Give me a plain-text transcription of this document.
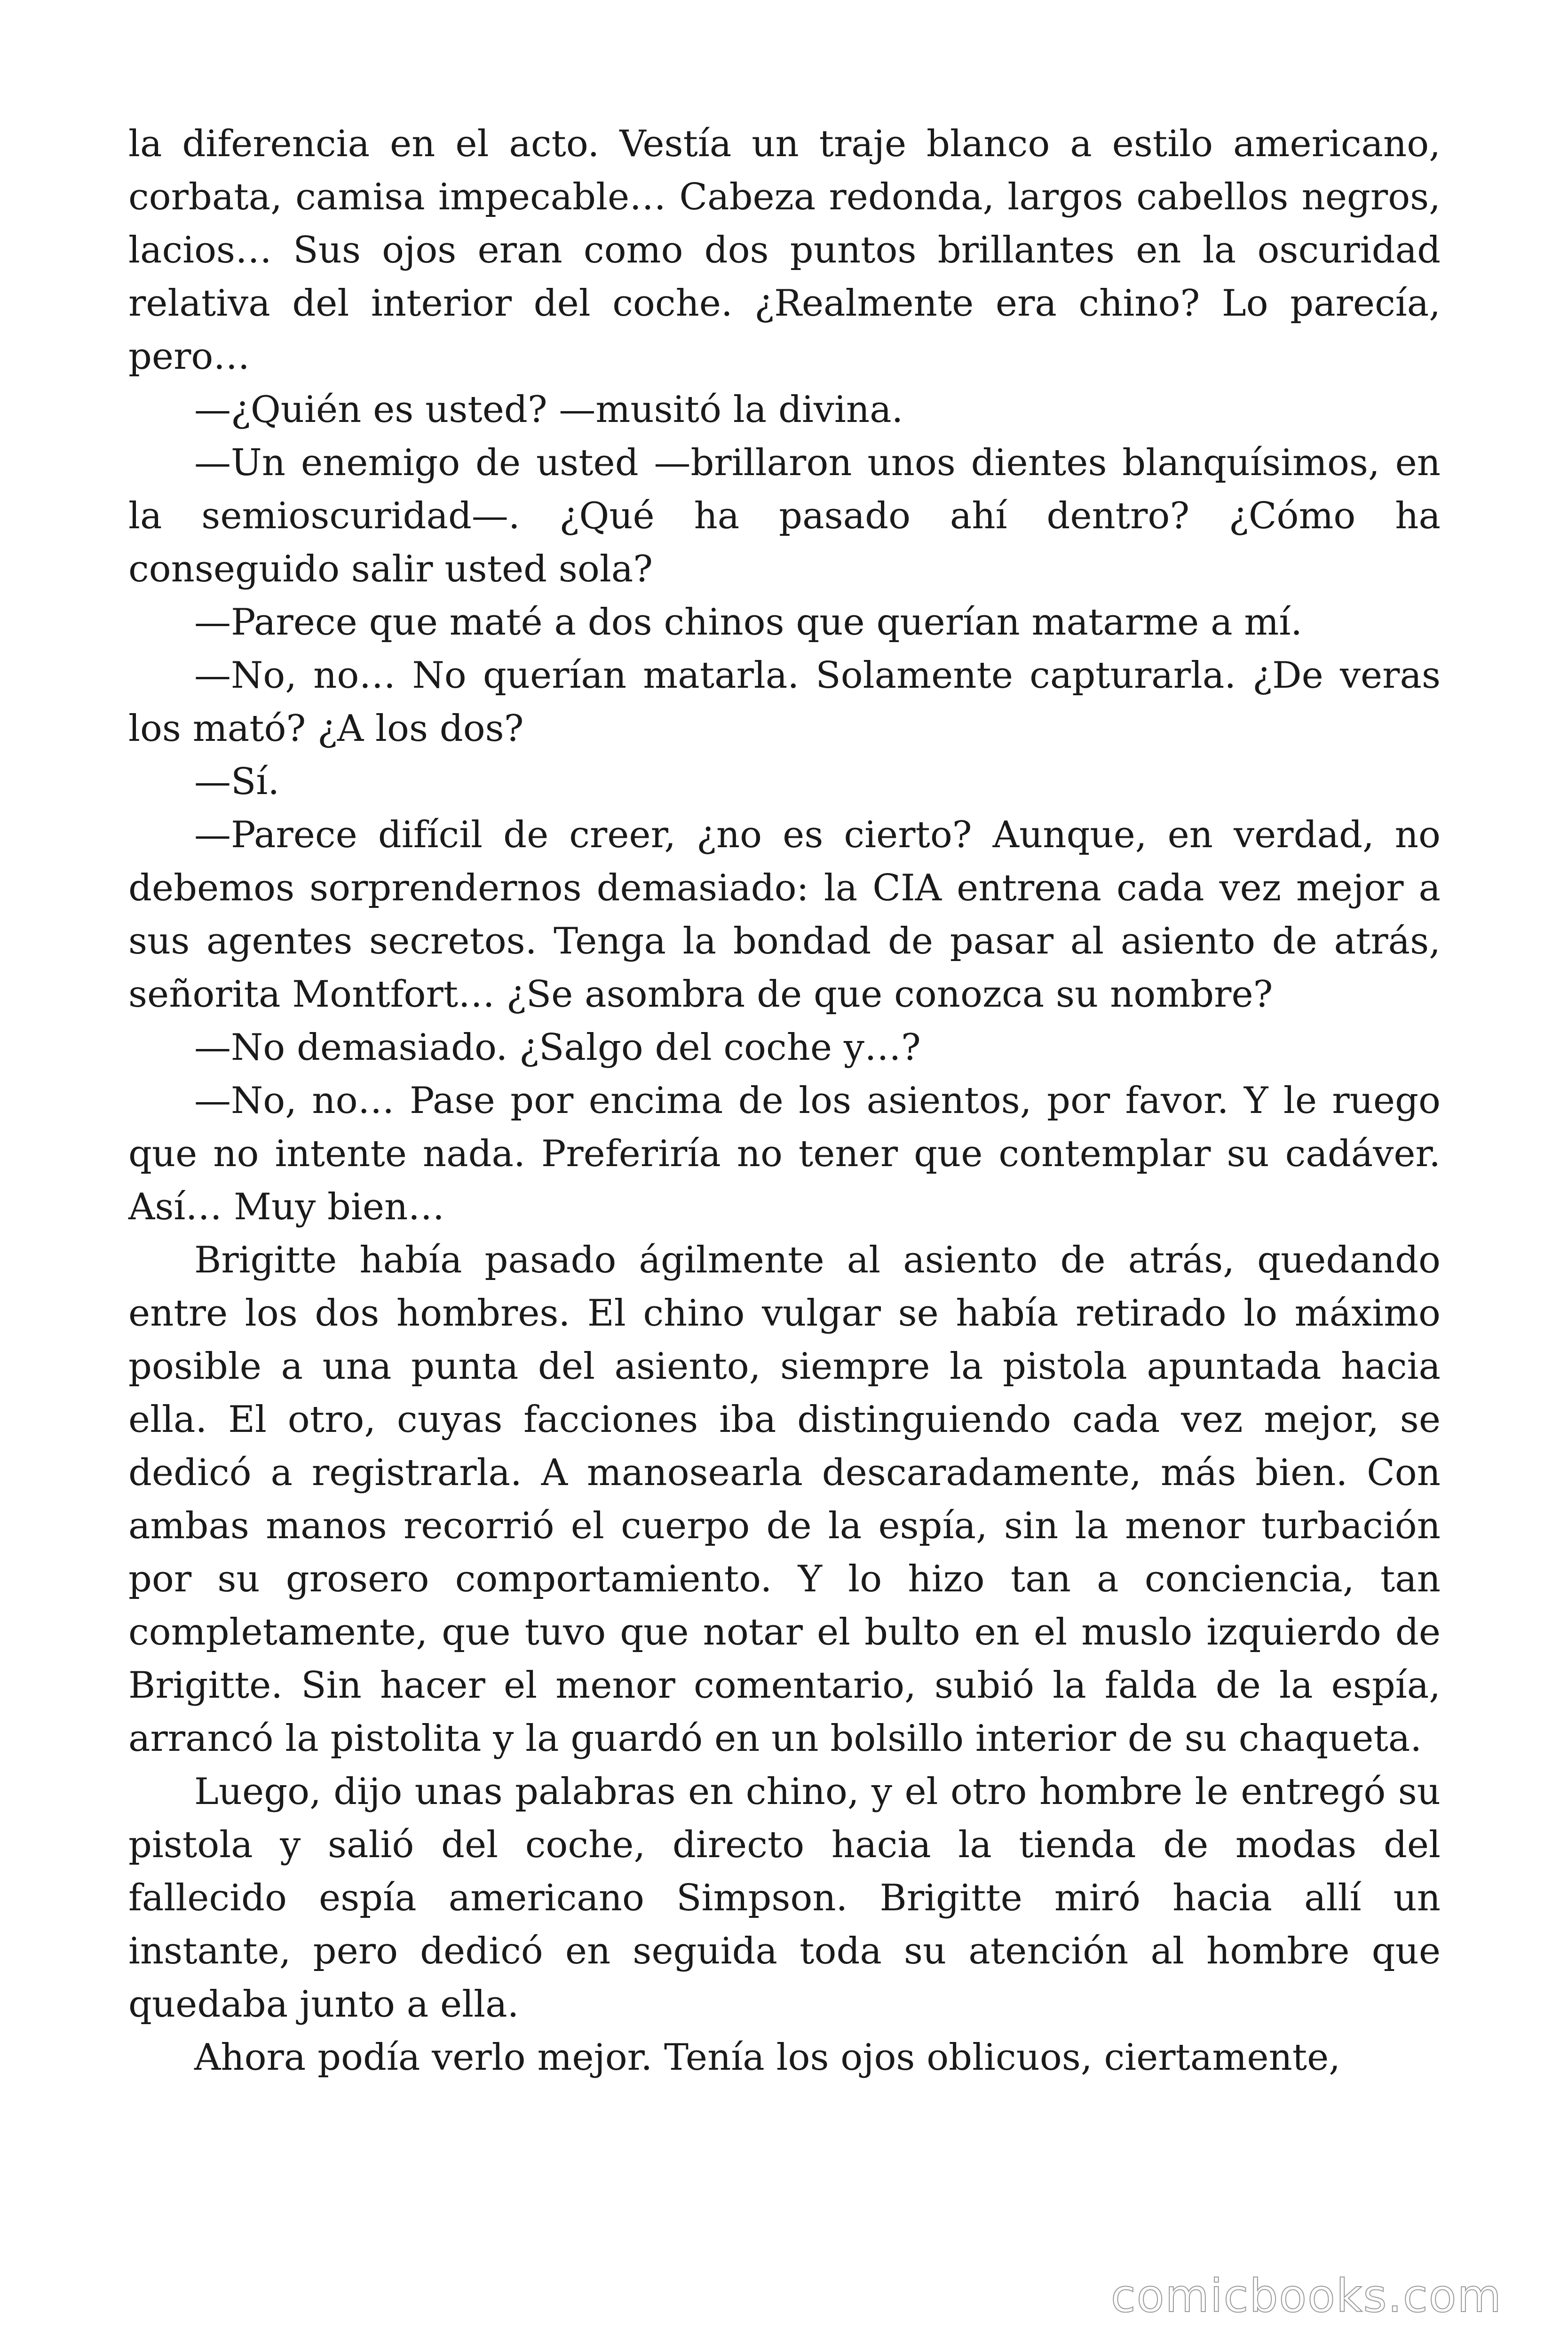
la diferencia en el acto. Vestía un traje blanco a estilo americano, corbata, camisa impecable… Cabeza redonda, largos cabellos negros, lacios… Sus ojos eran como dos puntos brillantes en la oscuridad relativa del interior del coche. ¿Realmente era chino? Lo parecía, pero…

—¿Quién es usted? —musitó la divina.

—Un enemigo de usted —brillaron unos dientes blanquísimos, en la semioscuridad—. ¿Qué ha pasado ahí dentro? ¿Cómo ha conseguido salir usted sola?

—Parece que maté a dos chinos que querían matarme a mí.

—No, no… No querían matarla. Solamente capturarla. ¿De veras los mató? ¿A los dos?

—Sí.

—Parece difícil de creer, ¿no es cierto? Aunque, en verdad, no debemos sorprendernos demasiado: la CIA entrena cada vez mejor a sus agentes secretos. Tenga la bondad de pasar al asiento de atrás, señorita Montfort… ¿Se asombra de que conozca su nombre?

—No demasiado. ¿Salgo del coche y…?

—No, no… Pase por encima de los asientos, por favor. Y le ruego que no intente nada. Preferiría no tener que contemplar su cadáver. Así… Muy bien…

Brigitte había pasado ágilmente al asiento de atrás, quedando entre los dos hombres. El chino vulgar se había retirado lo máximo posible a una punta del asiento, siempre la pistola apuntada hacia ella. El otro, cuyas facciones iba distinguiendo cada vez mejor, se dedicó a registrarla. A manosearla descaradamente, más bien. Con ambas manos recorrió el cuerpo de la espía, sin la menor turbación por su grosero comportamiento. Y lo hizo tan a conciencia, tan completamente, que tuvo que notar el bulto en el muslo izquierdo de Brigitte. Sin hacer el menor comentario, subió la falda de la espía, arrancó la pistolita y la guardó en un bolsillo interior de su chaqueta.

Luego, dijo unas palabras en chino, y el otro hombre le entregó su pistola y salió del coche, directo hacia la tienda de modas del fallecido espía americano Simpson. Brigitte miró hacia allí un instante, pero dedicó en seguida toda su atención al hombre que quedaba junto a ella.

Ahora podía verlo mejor. Tenía los ojos oblicuos, ciertamente,

comicbooks.com
